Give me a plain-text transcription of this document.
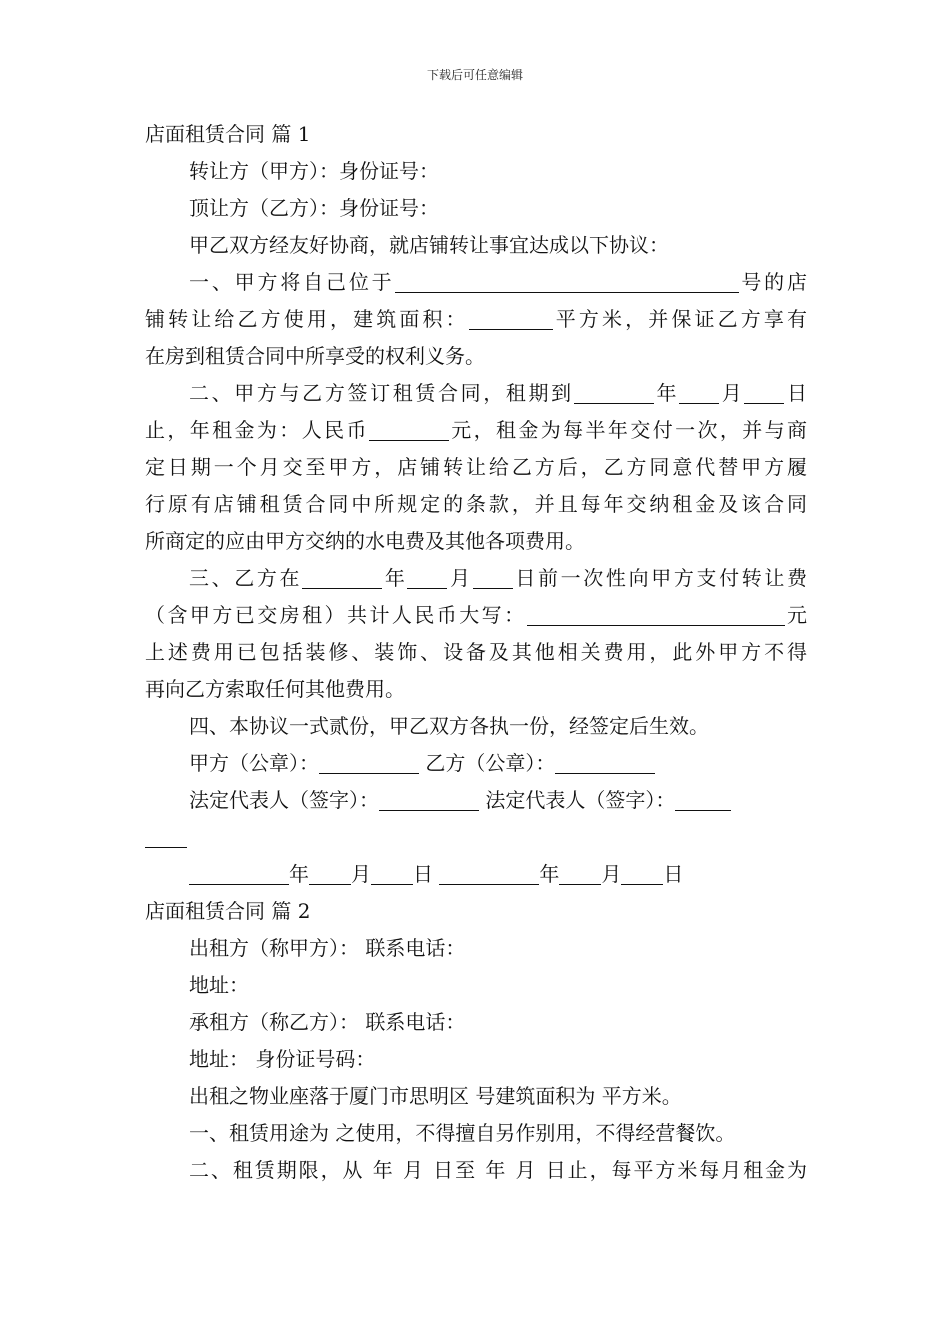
下载后可任意编辑
店面租赁合同 篇 1
转让方（甲方）：身份证号：
顶让方（乙方）：身份证号：
甲乙双方经友好协商，就店铺转让事宜达成以下协议：
一、甲方将自己位于	号的店
铺转让给乙方使用，建筑面积：	平方米，并保证乙方享有
在房到租赁合同中所享受的权利义务。
二、甲方与乙方签订租赁合同，租期到	年 月 日
止，年租金为：人民币	元，租金为每半年交付一次，并与商
定日期一个月交至甲方，店铺转让给乙方后，乙方同意代替甲方履
行原有店铺租赁合同中所规定的条款，并且每年交纳租金及该合同
所商定的应由甲方交纳的水电费及其他各项费用。
三、乙方在	年 月 日前一次性向甲方支付转让费
（含甲方已交房租）共计人民币大写：	元
上述费用已包括装修、装饰、设备及其他相关费用，此外甲方不得
再向乙方索取任何其他费用。
四、本协议一式贰份，甲乙双方各执一份，经签定后生效。
甲方（公章）：	乙方（公章）：
法定代表人（签字）：	法定代表人（签字）：
年 月 日	年 月 日
店面租赁合同 篇 2
出租方（称甲方）： 联系电话：
地址：
承租方（称乙方）： 联系电话：
地址： 身份证号码：
出租之物业座落于厦门市思明区 号建筑面积为 平方米。
一、租赁用途为 之使用，不得擅自另作别用，不得经营餐饮。
二、租赁期限，从 年 月 日至 年 月 日止，每平方米每月租金为
